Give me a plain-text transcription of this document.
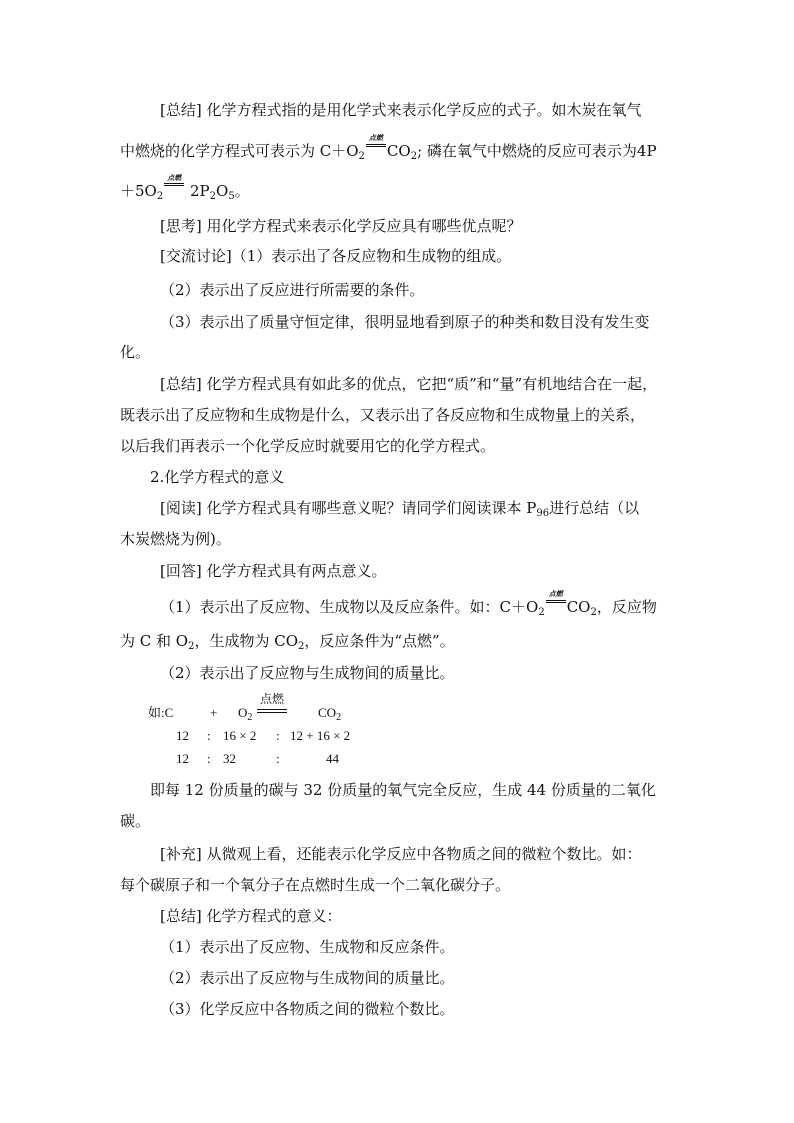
[总结] 化学方程式指的是用化学式来表示化学反应的式子。如木炭在氧气
中燃烧的化学方程式可表示为 $C+O_2$
点燃
$CO_2$; 磷在氧气中燃烧的反应可表示为4P
$+5O_2$
点燃
$2P_2O_5$。
[思考] 用化学方程式来表示化学反应具有哪些优点呢？
[交流讨论]（1）表示出了各反应物和生成物的组成。
（2）表示出了反应进行所需要的条件。
（3）表示出了质量守恒定律，很明显地看到原子的种类和数目没有发生变
化。
[总结] 化学方程式具有如此多的优点，它把“质”和“量”有机地结合在一起，
既表示出了反应物和生成物是什么，又表示出了各反应物和生成物量上的关系，
以后我们再表示一个化学反应时就要用它的化学方程式。
2.化学方程式的意义
[阅读] 化学方程式具有哪些意义呢？请同学们阅读课本 $P_{96}$进行总结（以
木炭燃烧为例)。
[回答] 化学方程式具有两点意义。
（1）表示出了反应物、生成物以及反应条件。如：$C+O_2$
点燃
$CO_2$，反应物
为 C 和 $O_2$，生成物为 $CO_2$，反应条件为“点燃”。
（2）表示出了反应物与生成物间的质量比。
如:C	+ $O_2$
点燃
$CO_2$
12 : 16 × 2 : 12 + 16 × 2
12 : 32	:	44
即每 12 份质量的碳与 32 份质量的氧气完全反应，生成 44 份质量的二氧化
碳。
[补充] 从微观上看，还能表示化学反应中各物质之间的微粒个数比。如：
每个碳原子和一个氧分子在点燃时生成一个二氧化碳分子。
[总结] 化学方程式的意义：
（1）表示出了反应物、生成物和反应条件。
（2）表示出了反应物与生成物间的质量比。
（3）化学反应中各物质之间的微粒个数比。
